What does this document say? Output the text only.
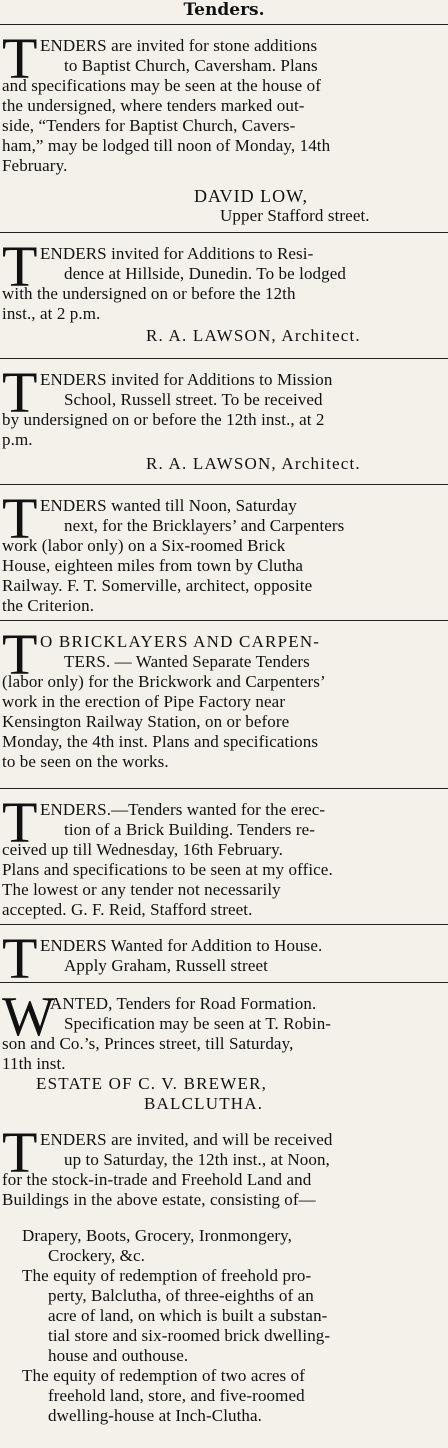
Tenders.
T ENDERS are invited for stone additions
to Baptist Church, Caversham. Plans
and specifications may be seen at the house of
the undersigned, where tenders marked out-
side, “Tenders for Baptist Church, Cavers-
ham,” may be lodged till noon of Monday, 14th
February.
DAVID LOW,
Upper Stafford street.
T ENDERS invited for Additions to Resi-
dence at Hillside, Dunedin. To be lodged
with the undersigned on or before the 12th
inst., at 2 p.m.
R. A. LAWSON, Architect.
T ENDERS invited for Additions to Mission
School, Russell street. To be received
by undersigned on or before the 12th inst., at 2
p.m.
R. A. LAWSON, Architect.
T ENDERS wanted till Noon, Saturday
next, for the Bricklayers’ and Carpenters
work (labor only) on a Six-roomed Brick
House, eighteen miles from town by Clutha
Railway. F. T. Somerville, architect, opposite
the Criterion.
T O BRICKLAYERS AND CARPEN-
TERS. — Wanted Separate Tenders
(labor only) for the Brickwork and Carpenters’
work in the erection of Pipe Factory near
Kensington Railway Station, on or before
Monday, the 4th inst. Plans and specifications
to be seen on the works.
T ENDERS.—Tenders wanted for the erec-
tion of a Brick Building. Tenders re-
ceived up till Wednesday, 16th February.
Plans and specifications to be seen at my office.
The lowest or any tender not necessarily
accepted. G. F. Reid, Stafford street.
T ENDERS Wanted for Addition to House.
Apply Graham, Russell street
W
ANTED, Tenders for Road Formation.
Specification may be seen at T. Robin-
son and Co.’s, Princes street, till Saturday,
11th inst.
ESTATE OF C. V. BREWER,
BALCLUTHA.
T ENDERS are invited, and will be received
up to Saturday, the 12th inst., at Noon,
for the stock-in-trade and Freehold Land and
Buildings in the above estate, consisting of—
Drapery, Boots, Grocery, Ironmongery,
Crockery, &c.
The equity of redemption of freehold pro-
perty, Balclutha, of three-eighths of an
acre of land, on which is built a substan-
tial store and six-roomed brick dwelling-
house and outhouse.
The equity of redemption of two acres of
freehold land, store, and five-roomed
dwelling-house at Inch-Clutha.
